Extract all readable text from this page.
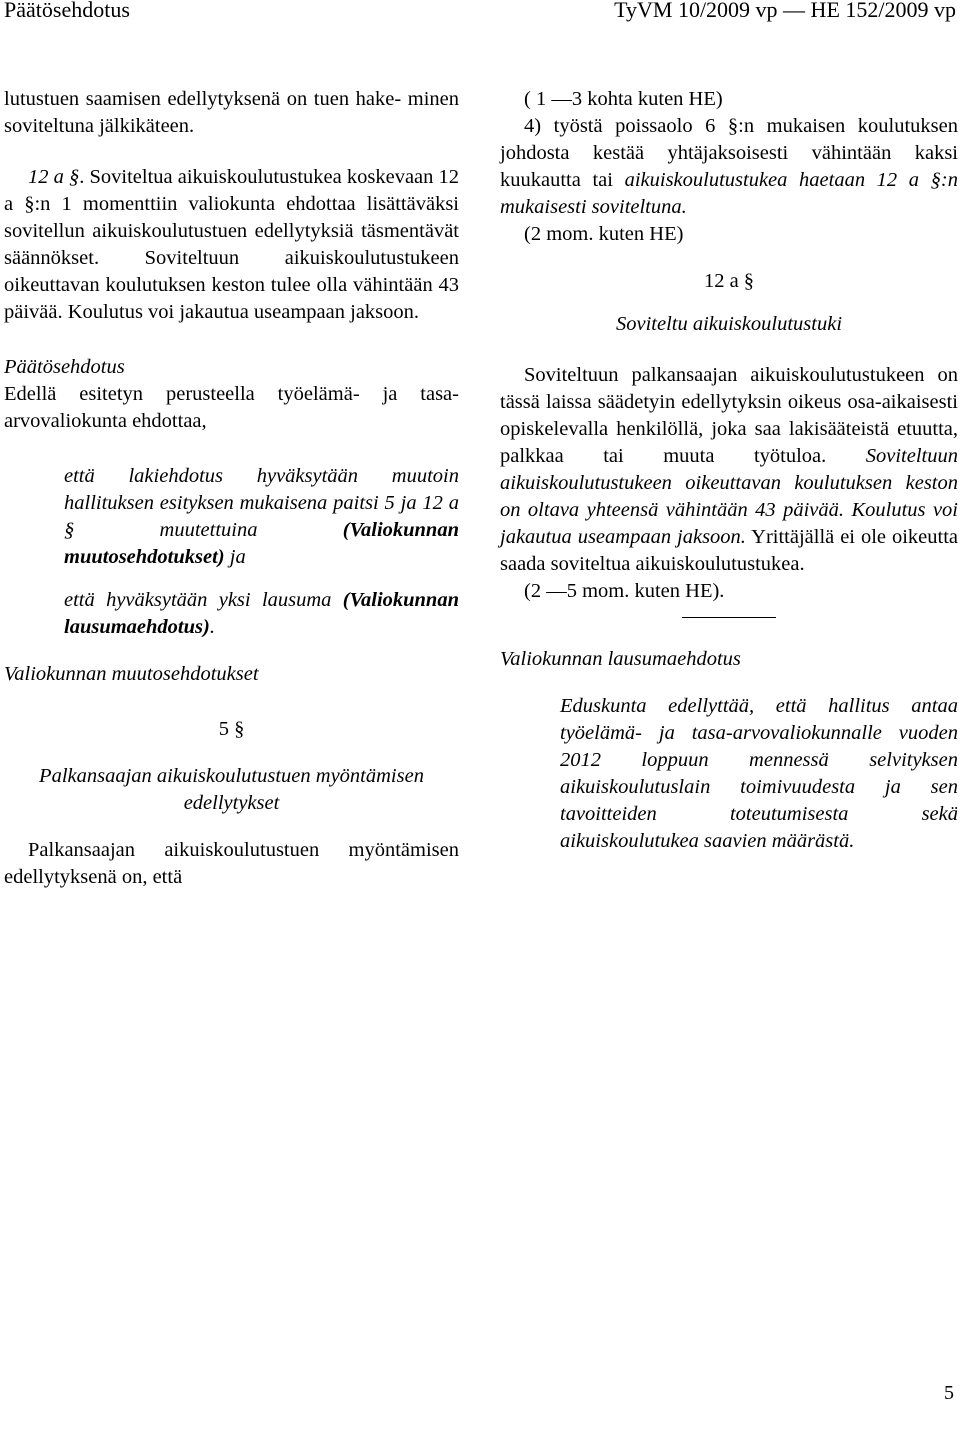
Päätösehdotus	TyVM 10/2009 vp — HE 152/2009 vp

lutustuen saamisen edellytyksenä on tuen hake- minen soviteltuna jälkikäteen.

12 a §. Soviteltua aikuiskoulutustukea koskevaan 12 a §:n 1 momenttiin valiokunta ehdottaa lisättäväksi sovitellun aikuiskoulutustuen edellytyksiä täsmentävät säännökset. Soviteltuun aikuiskoulutustukeen oikeuttavan koulutuksen keston tulee olla vähintään 43 päivää. Koulutus voi jakautua useampaan jaksoon.

Päätösehdotus

Edellä esitetyn perusteella työelämä- ja tasa-arvovaliokunta ehdottaa,

että lakiehdotus hyväksytään muutoin hallituksen esityksen mukaisena paitsi 5 ja 12 a § muutettuina (Valiokunnan muutosehdotukset) ja

että hyväksytään yksi lausuma (Valiokunnan lausumaehdotus).

Valiokunnan muutosehdotukset

5 §

Palkansaajan aikuiskoulutustuen myöntämisen

edellytykset

Palkansaajan aikuiskoulutustuen myöntämisen edellytyksenä on, että

( 1 —3 kohta kuten HE)

4) työstä poissaolo 6 §:n mukaisen koulutuksen johdosta kestää yhtäjaksoisesti vähintään kaksi kuukautta tai aikuiskoulutustukea haetaan 12 a §:n mukaisesti soviteltuna.

(2 mom. kuten HE)

12 a §

Soviteltu aikuiskoulutustuki

Soviteltuun palkansaajan aikuiskoulutustukeen on tässä laissa säädetyin edellytyksin oikeus osa-aikaisesti opiskelevalla henkilöllä, joka saa lakisääteistä etuutta, palkkaa tai muuta työtuloa. Soviteltuun aikuiskoulutustukeen oikeuttavan koulutuksen keston on oltava yhteensä vähintään 43 päivää. Koulutus voi jakautua useampaan jaksoon. Yrittäjällä ei ole oikeutta saada soviteltua aikuiskoulutustukea.

(2 —5 mom. kuten HE).

Valiokunnan lausumaehdotus

Eduskunta edellyttää, että hallitus antaa työelämä- ja tasa-arvovaliokunnalle vuoden 2012 loppuun mennessä selvityksen aikuiskoulutuslain toimivuudesta ja sen tavoitteiden toteutumisesta sekä aikuiskoulutukea saavien määrästä.

5
